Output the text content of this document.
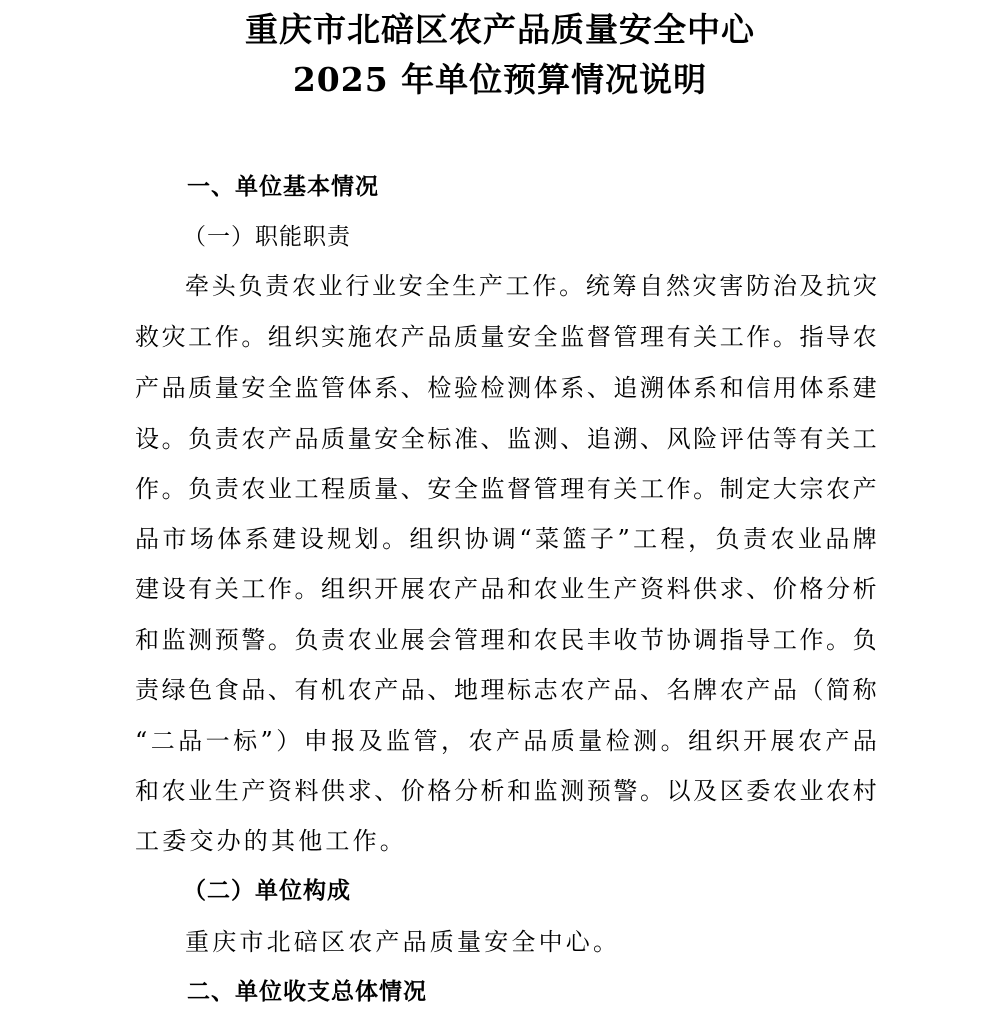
重庆市北碚区农产品质量安全中心
2025 年单位预算情况说明
一、单位基本情况
（一）职能职责
牵 头 负 责 农 业 行 业 安 全 生 产 工 作 。 统 筹 自 然 灾 害 防 治 及 抗 灾
救 灾 工 作 。 组 织 实 施 农 产 品 质 量 安 全 监 督 管 理 有 关 工 作 。 指 导 农
产 品 质 量 安 全 监 管 体 系 、 检 验 检 测 体 系 、 追 溯 体 系 和 信 用 体 系 建
设 。 负 责 农 产 品 质 量 安 全 标 准 、 监 测 、 追 溯 、 风 险 评 估 等 有 关 工
作 。 负 责 农 业 工 程 质 量 、 安 全 监 督 管 理 有 关 工 作 。 制 定 大 宗 农 产
品 市 场 体 系 建 设 规 划 。 组 织 协 调 “ 菜 篮 子 ” 工 程 ， 负 责 农 业 品 牌
建 设 有 关 工 作 。 组 织 开 展 农 产 品 和 农 业 生 产 资 料 供 求 、 价 格 分 析
和 监 测 预 警 。 负 责 农 业 展 会 管 理 和 农 民 丰 收 节 协 调 指 导 工 作 。 负
责 绿 色 食 品 、 有 机 农 产 品 、 地 理 标 志 农 产 品 、 名 牌 农 产 品 （ 简 称
“ 二 品 一 标 ” ） 申 报 及 监 管 ， 农 产 品 质 量 检 测 。 组 织 开 展 农 产 品
和 农 业 生 产 资 料 供 求 、 价 格 分 析 和 监 测 预 警 。 以 及 区 委 农 业 农 村
工委交办的其他工作。
（二）单位构成
重庆市北碚区农产品质量安全中心。
二、单位收支总体情况
